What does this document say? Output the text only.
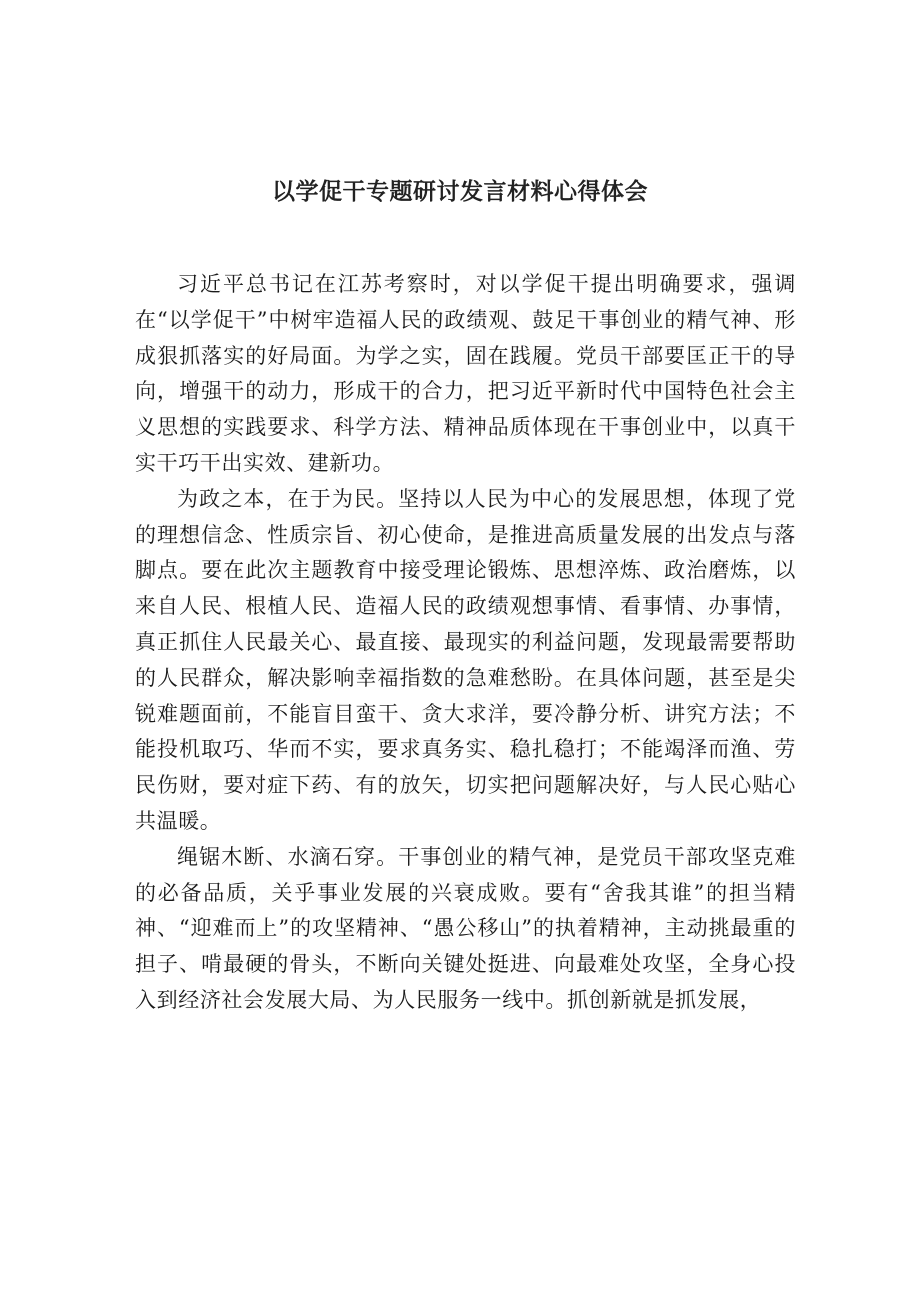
以学促干专题研讨发言材料心得体会

习近平总书记在江苏考察时，对以学促干提出明确要求，强调在“以学促干”中树牢造福人民的政绩观、鼓足干事创业的精气神、形成狠抓落实的好局面。为学之实，固在践履。党员干部要匡正干的导向，增强干的动力，形成干的合力，把习近平新时代中国特色社会主义思想的实践要求、科学方法、精神品质体现在干事创业中，以真干实干巧干出实效、建新功。

为政之本，在于为民。坚持以人民为中心的发展思想，体现了党的理想信念、性质宗旨、初心使命，是推进高质量发展的出发点与落脚点。要在此次主题教育中接受理论锻炼、思想淬炼、政治磨炼，以来自人民、根植人民、造福人民的政绩观想事情、看事情、办事情，真正抓住人民最关心、最直接、最现实的利益问题，发现最需要帮助的人民群众，解决影响幸福指数的急难愁盼。在具体问题，甚至是尖锐难题面前，不能盲目蛮干、贪大求洋，要冷静分析、讲究方法；不能投机取巧、华而不实，要求真务实、稳扎稳打；不能竭泽而渔、劳民伤财，要对症下药、有的放矢，切实把问题解决好，与人民心贴心共温暖。

绳锯木断、水滴石穿。干事创业的精气神，是党员干部攻坚克难的必备品质，关乎事业发展的兴衰成败。要有“舍我其谁”的担当精神、“迎难而上”的攻坚精神、“愚公移山”的执着精神，主动挑最重的担子、啃最硬的骨头，不断向关键处挺进、向最难处攻坚，全身心投入到经济社会发展大局、为人民服务一线中。抓创新就是抓发展，
